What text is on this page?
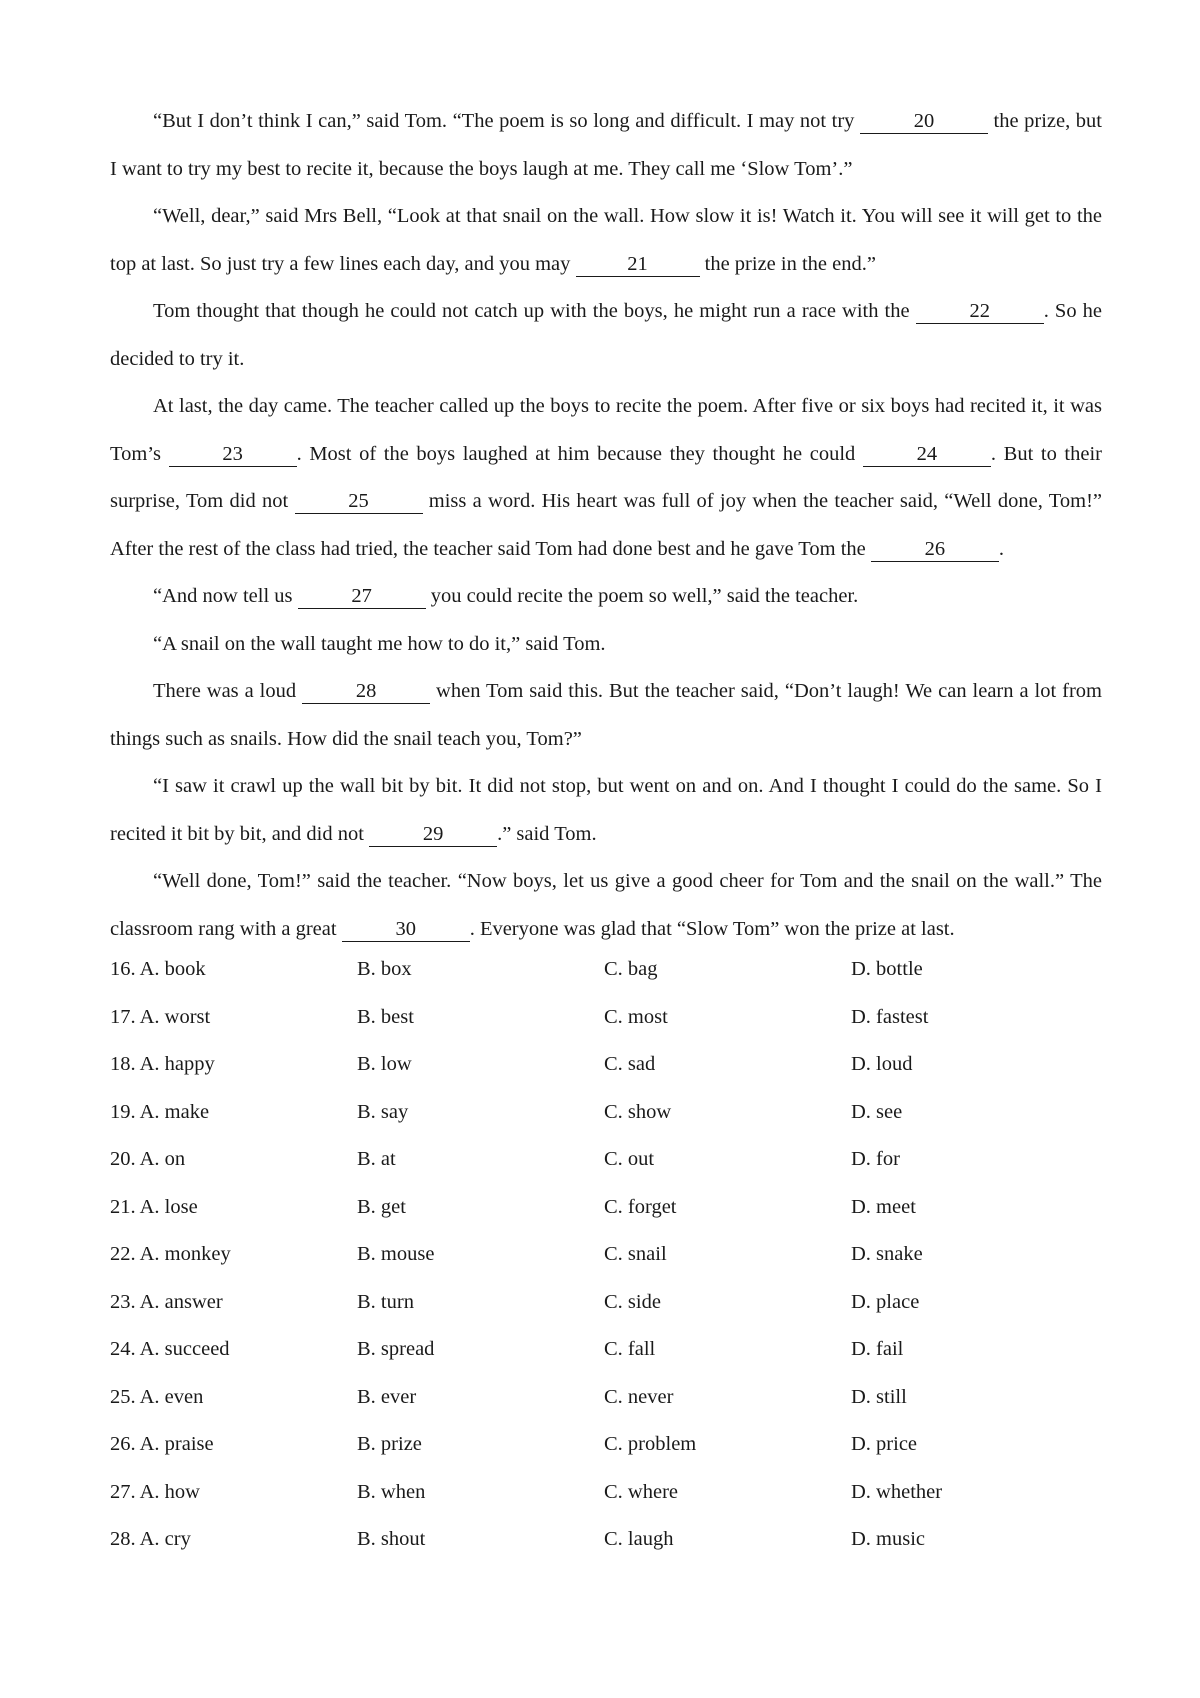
“But I don’t think I can,” said Tom. “The poem is so long and difficult. I may not try	20	the prize, but I want to try my best to recite it, because the boys laugh at me. They call me ‘Slow Tom’.”

“Well, dear,” said Mrs Bell, “Look at that snail on the wall. How slow it is! Watch it. You will see it will get to the top at last. So just try a few lines each day, and you may	21	the prize in the end.”

Tom thought that though he could not catch up with the boys, he might run a race with the	22	. So he decided to try it.

At last, the day came. The teacher called up the boys to recite the poem. After five or six boys had recited it, it was Tom’s	23	. Most of the boys laughed at him because they thought he could	24	. But to their surprise, Tom did not	25	miss a word. His heart was full of joy when the teacher said, “Well done, Tom!” After the rest of the class had tried, the teacher said Tom had done best and he gave Tom the	26	.

“And now tell us	27	you could recite the poem so well,” said the teacher.

“A snail on the wall taught me how to do it,” said Tom.

There was a loud	28	when Tom said this. But the teacher said, “Don’t laugh! We can learn a lot from things such as snails. How did the snail teach you, Tom?”

“I saw it crawl up the wall bit by bit. It did not stop, but went on and on. And I thought I could do the same. So I recited it bit by bit, and did not	29	.” said Tom.

“Well done, Tom!” said the teacher. “Now boys, let us give a good cheer for Tom and the snail on the wall.” The classroom rang with a great	30	. Everyone was glad that “Slow Tom” won the prize at last.

16. A. book	B. box	C. bag	D. bottle
17. A. worst	B. best	C. most	D. fastest
18. A. happy	B. low	C. sad	D. loud
19. A. make	B. say	C. show	D. see
20. A. on	B. at	C. out	D. for
21. A. lose	B. get	C. forget	D. meet
22. A. monkey	B. mouse	C. snail	D. snake
23. A. answer	B. turn	C. side	D. place
24. A. succeed	B. spread	C. fall	D. fail
25. A. even	B. ever	C. never	D. still
26. A. praise	B. prize	C. problem	D. price
27. A. how	B. when	C. where	D. whether
28. A. cry	B. shout	C. laugh	D. music
